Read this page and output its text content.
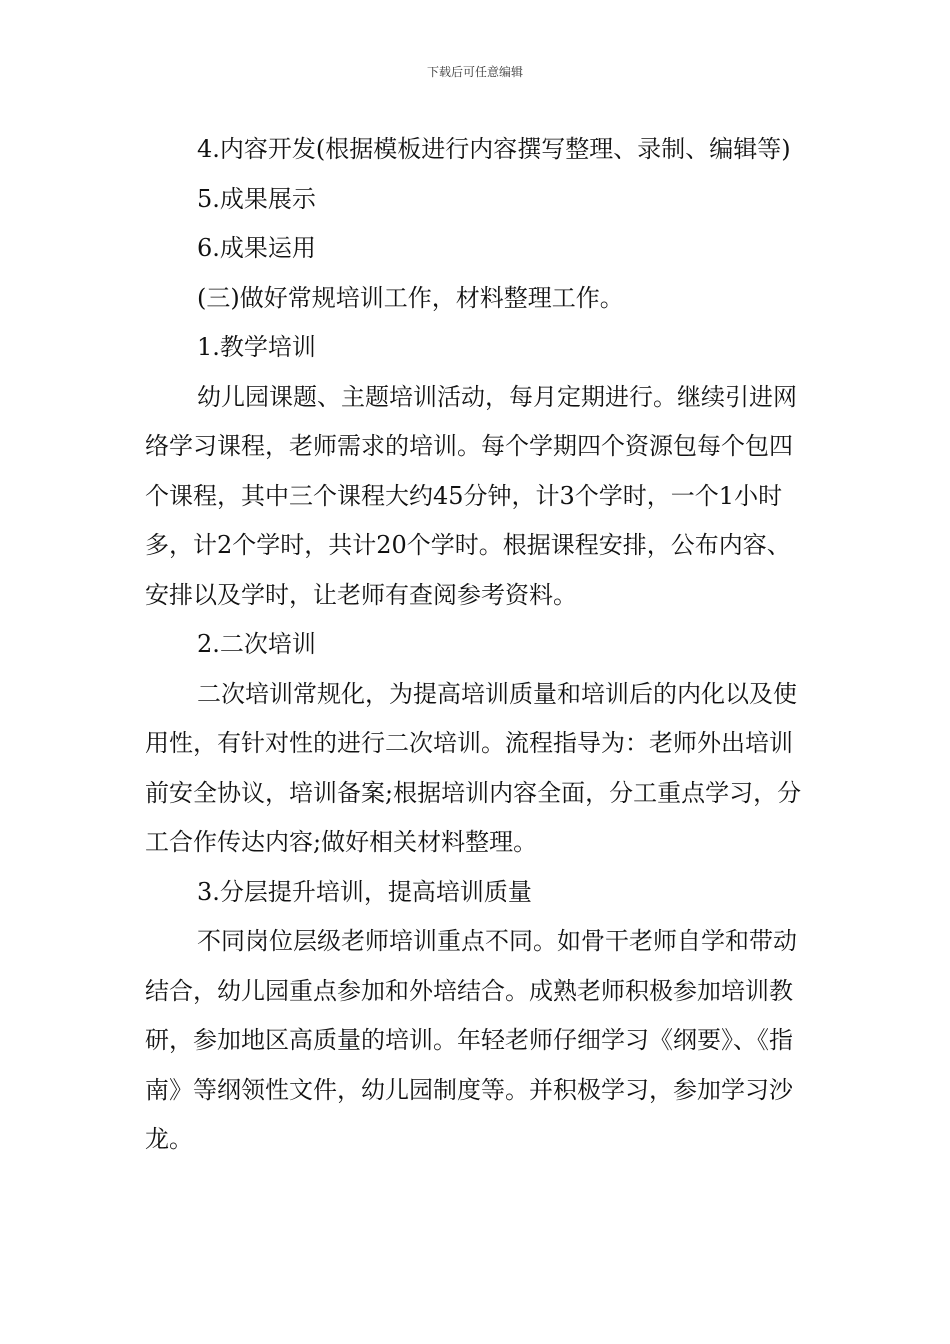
下载后可任意编辑

4.内容开发(根据模板进行内容撰写整理、录制、编辑等)

5.成果展示

6.成果运用

(三)做好常规培训工作，材料整理工作。

1.教学培训

幼儿园课题、主题培训活动，每月定期进行。继续引进网络学习课程，老师需求的培训。每个学期四个资源包每个包四个课程，其中三个课程大约45分钟，计3个学时，一个1小时多，计2个学时，共计20个学时。根据课程安排，公布内容、安排以及学时，让老师有查阅参考资料。

2.二次培训

二次培训常规化，为提高培训质量和培训后的内化以及使用性，有针对性的进行二次培训。流程指导为：老师外出培训前安全协议，培训备案;根据培训内容全面，分工重点学习，分工合作传达内容;做好相关材料整理。

3.分层提升培训，提高培训质量

不同岗位层级老师培训重点不同。如骨干老师自学和带动结合，幼儿园重点参加和外培结合。成熟老师积极参加培训教研，参加地区高质量的培训。年轻老师仔细学习《纲要》、《指南》等纲领性文件，幼儿园制度等。并积极学习，参加学习沙龙。
